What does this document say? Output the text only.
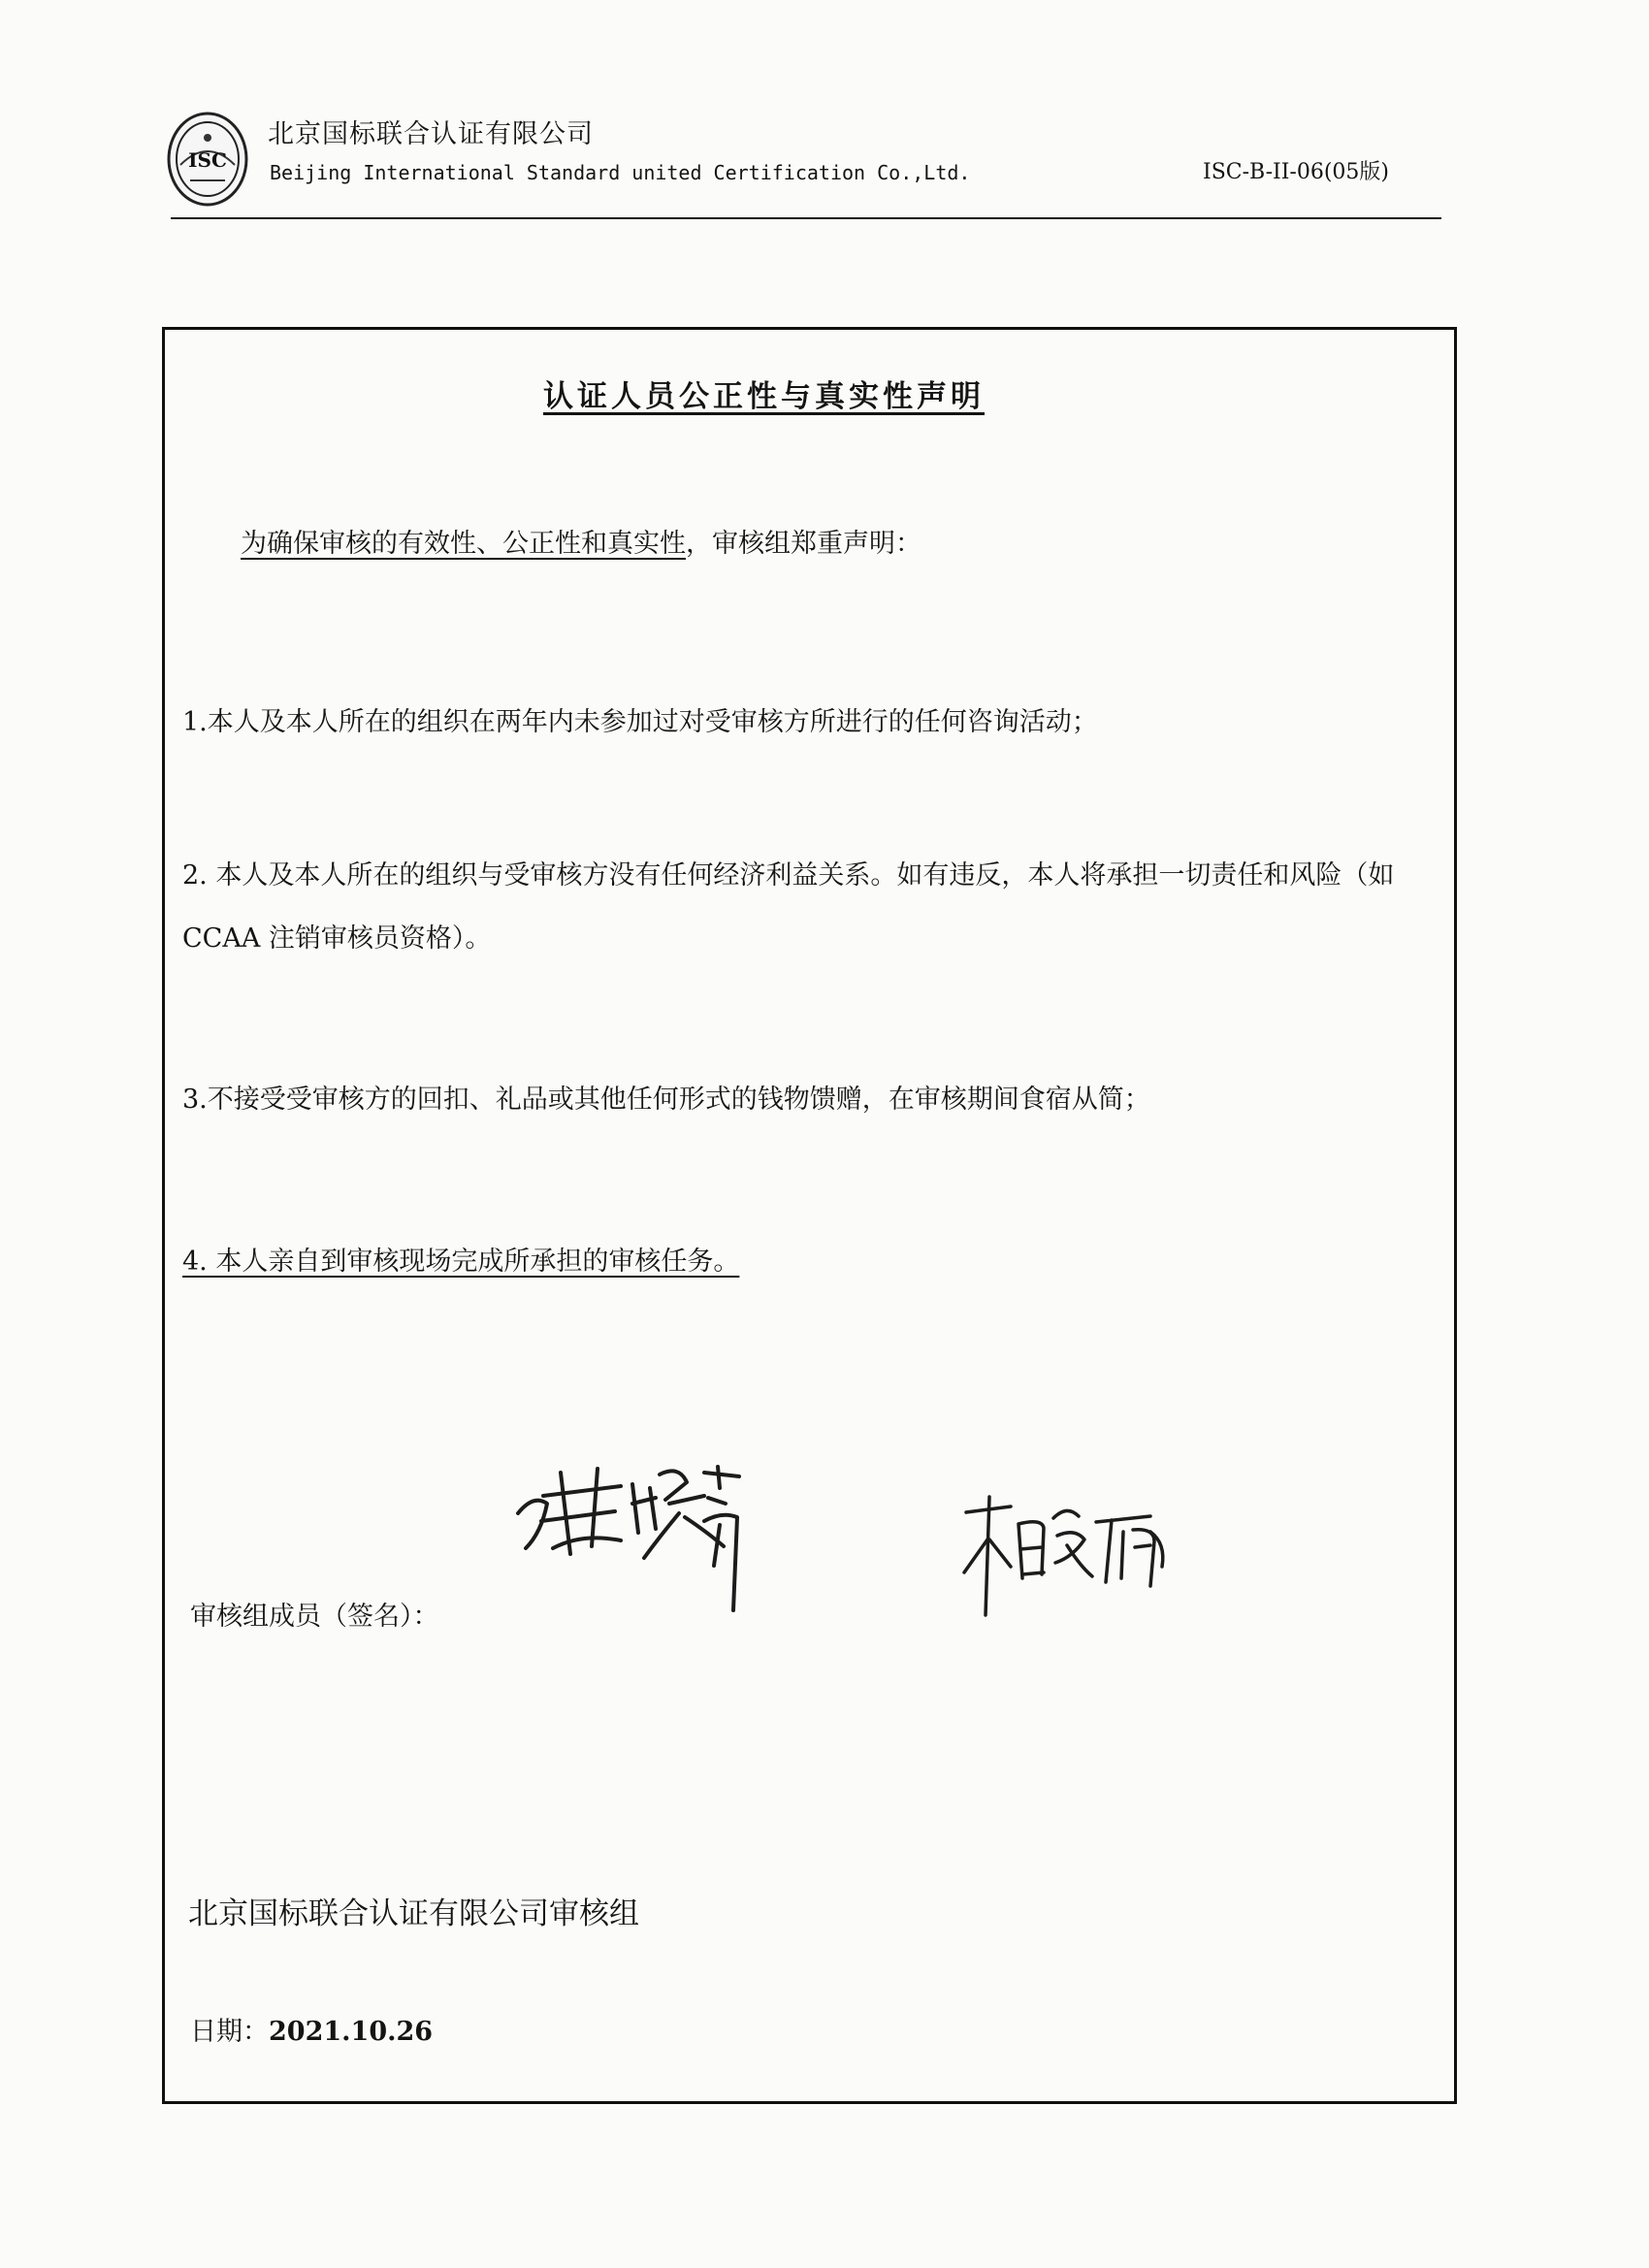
ISC
北京国标联合认证有限公司
Beijing International Standard united Certification Co.,Ltd.	ISC-B-II-06(05版)
认证人员公正性与真实性声明
为确保审核的有效性、公正性和真实性，审核组郑重声明：
1.本人及本人所在的组织在两年内未参加过对受审核方所进行的任何咨询活动；
2. 本人及本人所在的组织与受审核方没有任何经济利益关系。如有违反，本人将承担一切责任和风险（如 CCAA 注销审核员资格）。
3.不接受受审核方的回扣、礼品或其他任何形式的钱物馈赠，在审核期间食宿从简；
4. 本人亲自到审核现场完成所承担的审核任务。
审核组成员（签名）：
北京国标联合认证有限公司审核组
日期：2021.10.26
